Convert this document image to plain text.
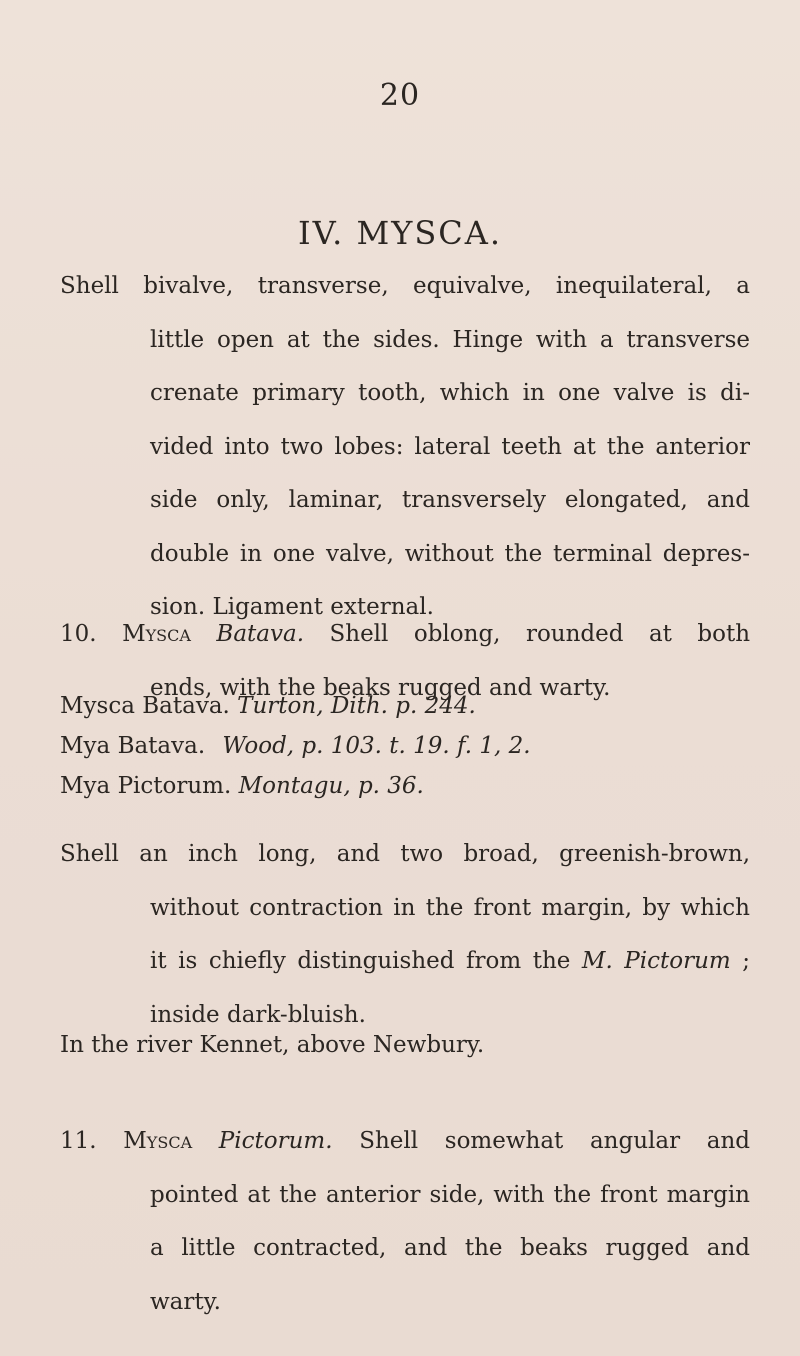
20
IV. MYSCA.
Shell bivalve, transverse, equivalve, inequilateral, a
little open at the sides. Hinge with a transverse
crenate primary tooth, which in one valve is di-
vided into two lobes: lateral teeth at the anterior
side only, laminar, transversely elongated, and
double in one valve, without the terminal depres-
sion. Ligament external.
10. Mysca Batava. Shell oblong, rounded at both
ends, with the beaks rugged and warty.
Mysca Batava. Turton, Dith. p. 244.
Mya Batava. Wood, p. 103. t. 19. f. 1, 2.
Mya Pictorum. Montagu, p. 36.
Shell an inch long, and two broad, greenish-brown,
without contraction in the front margin, by which
it is chiefly distinguished from the M. Pictorum ;
inside dark-bluish.
In the river Kennet, above Newbury.
11. Mysca Pictorum. Shell somewhat angular and
pointed at the anterior side, with the front margin
a little contracted, and the beaks rugged and warty.
